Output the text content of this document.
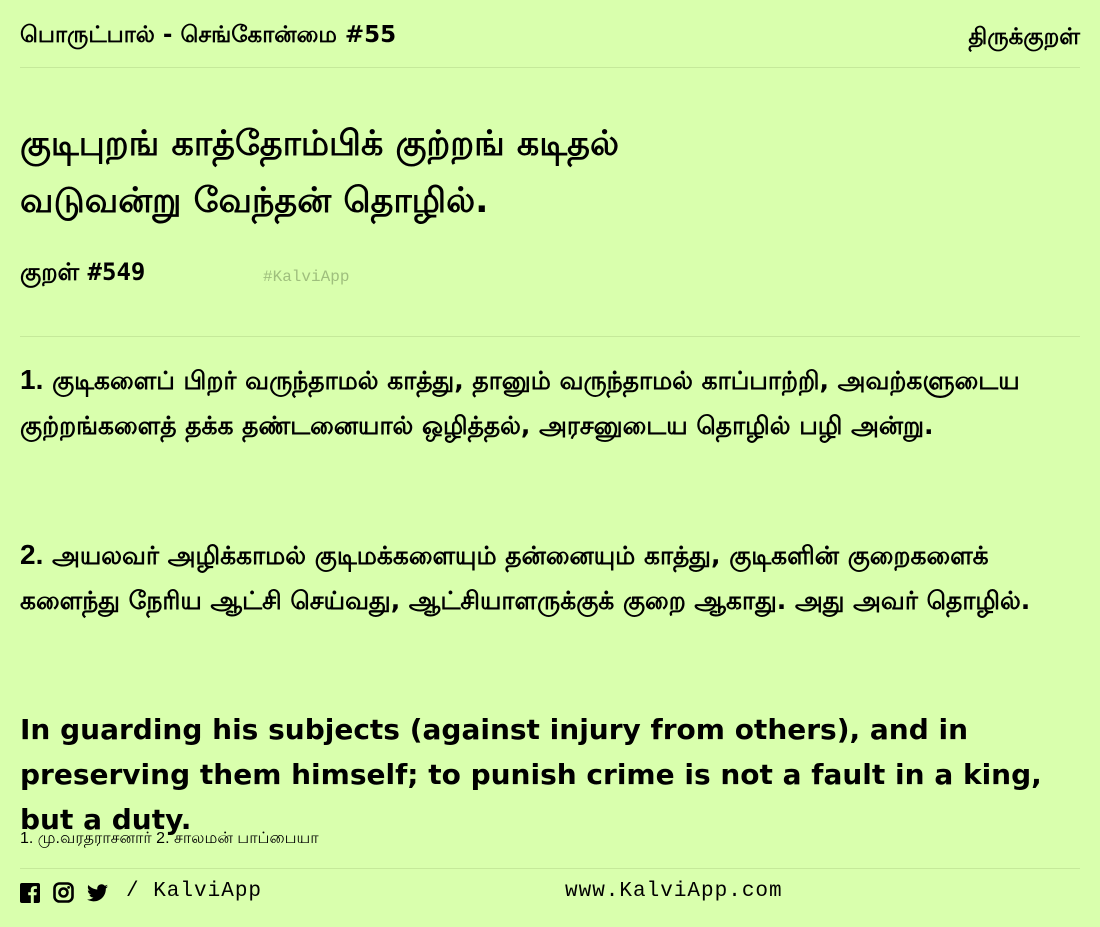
பொருட்பால் - செங்கோன்மை #55	திருக்குறள்
குடிபுறங் காத்தோம்பிக் குற்றங் கடிதல்
வடுவன்று வேந்தன் தொழில்.
குறள் #549	#KalviApp
1. குடிகளைப் பிறர் வருந்தாமல் காத்து, தானும் வருந்தாமல் காப்பாற்றி, அவற்களுடைய குற்றங்களைத் தக்க தண்டனையால் ஒழித்தல், அரசனுடைய தொழில் பழி அன்று.
2. அயலவர் அழிக்காமல் குடிமக்களையும் தன்னையும் காத்து, குடிகளின் குறைகளைக் களைந்து நேரிய ஆட்சி செய்வது, ஆட்சியாளருக்குக் குறை ஆகாது. அது அவர் தொழில்.
In guarding his subjects (against injury from others), and in preserving them himself; to punish crime is not a fault in a king, but a duty.
1. மு.வரதராசனார் 2. சாலமன் பாப்பையா
/ KalviApp	www.KalviApp.com
